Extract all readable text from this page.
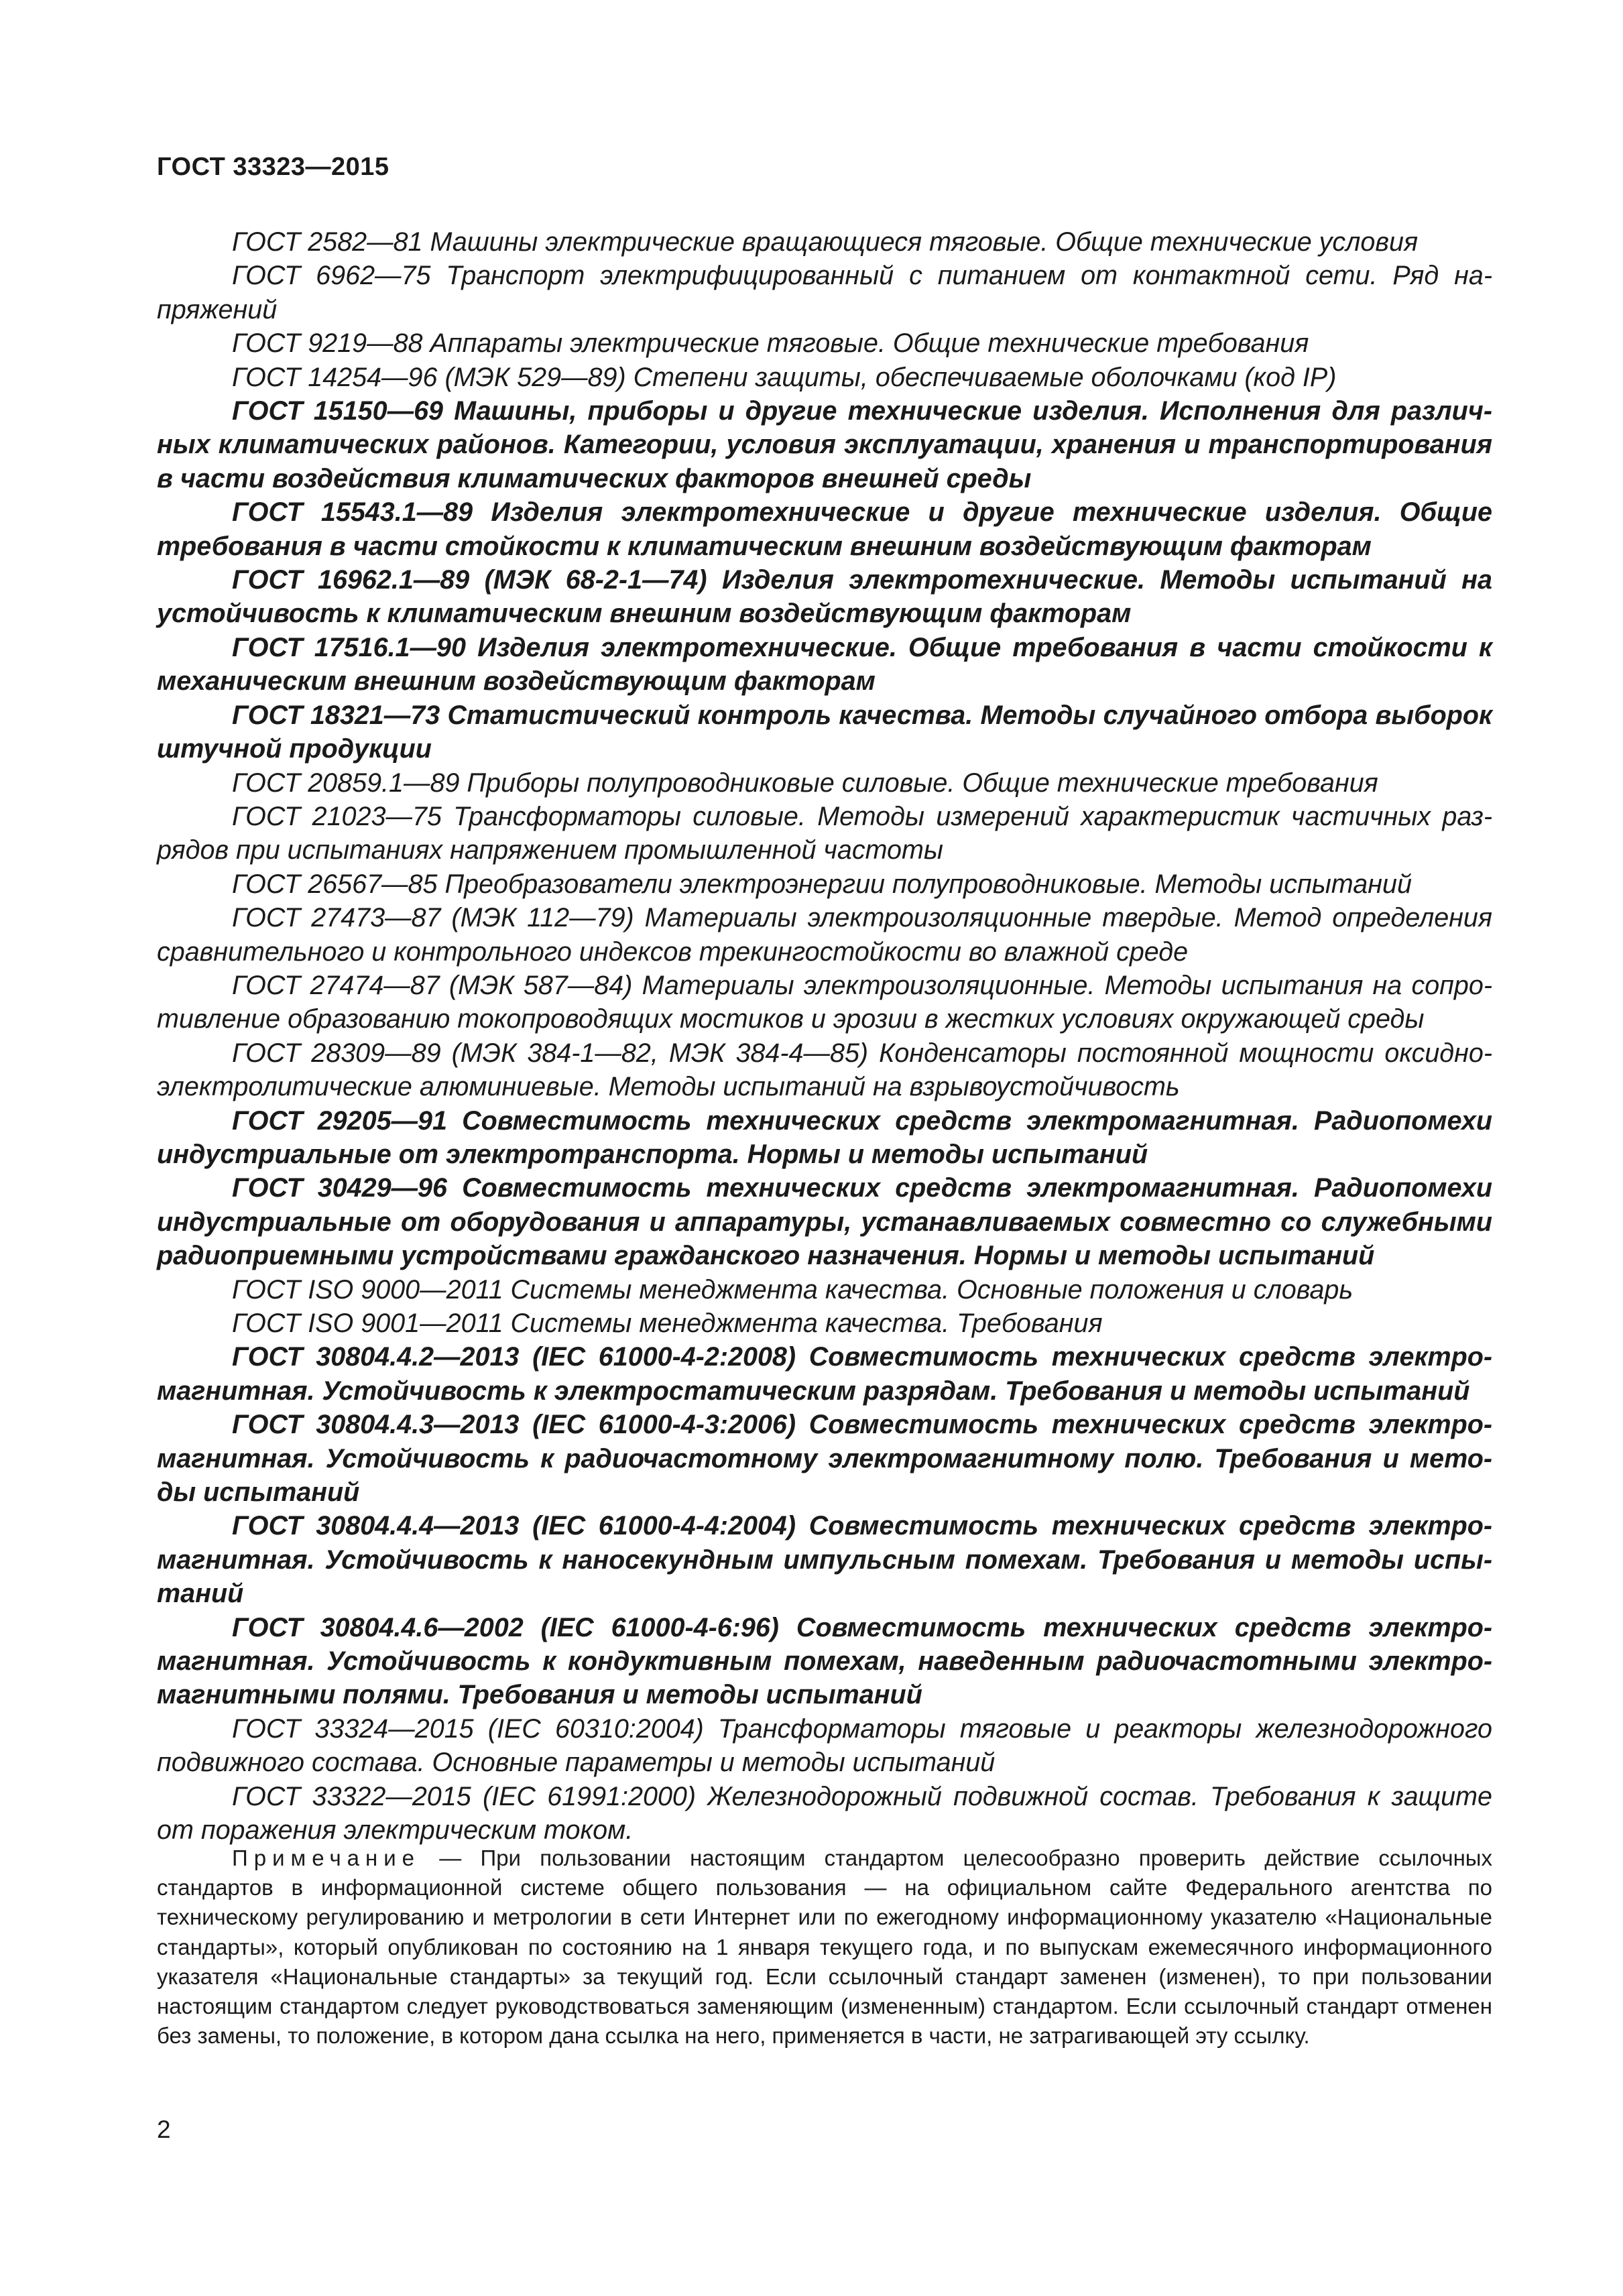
ГОСТ 33323—2015
ГОСТ 2582—81 Машины электрические вращающиеся тяговые. Общие технические условия
ГОСТ 6962—75 Транспорт электрифицированный с питанием от контактной сети. Ряд напряжений
ГОСТ 9219—88 Аппараты электрические тяговые. Общие технические требования
ГОСТ 14254—96 (МЭК 529—89) Степени защиты, обеспечиваемые оболочками (код IP)
ГОСТ 15150—69 Машины, приборы и другие технические изделия. Исполнения для различных климатических районов. Категории, условия эксплуатации, хранения и транспортирования в части воздействия климатических факторов внешней среды
ГОСТ 15543.1—89 Изделия электротехнические и другие технические изделия. Общие требования в части стойкости к климатическим внешним воздействующим факторам
ГОСТ 16962.1—89 (МЭК 68-2-1—74) Изделия электротехнические. Методы испытаний на устойчивость к климатическим внешним воздействующим факторам
ГОСТ 17516.1—90 Изделия электротехнические. Общие требования в части стойкости к механическим внешним воздействующим факторам
ГОСТ 18321—73 Статистический контроль качества. Методы случайного отбора выборок штучной продукции
ГОСТ 20859.1—89 Приборы полупроводниковые силовые. Общие технические требования
ГОСТ 21023—75 Трансформаторы силовые. Методы измерений характеристик частичных разрядов при испытаниях напряжением промышленной частоты
ГОСТ 26567—85 Преобразователи электроэнергии полупроводниковые. Методы испытаний
ГОСТ 27473—87 (МЭК 112—79) Материалы электроизоляционные твердые. Метод определения сравнительного и контрольного индексов трекингостойкости во влажной среде
ГОСТ 27474—87 (МЭК 587—84) Материалы электроизоляционные. Методы испытания на сопротивление образованию токопроводящих мостиков и эрозии в жестких условиях окружающей среды
ГОСТ 28309—89 (МЭК 384-1—82, МЭК 384-4—85) Конденсаторы постоянной мощности оксидно-электролитические алюминиевые. Методы испытаний на взрывоустойчивость
ГОСТ 29205—91 Совместимость технических средств электромагнитная. Радиопомехи индустриальные от электротранспорта. Нормы и методы испытаний
ГОСТ 30429—96 Совместимость технических средств электромагнитная. Радиопомехи индустриальные от оборудования и аппаратуры, устанавливаемых совместно со служебными радиоприемными устройствами гражданского назначения. Нормы и методы испытаний
ГОСТ ISO 9000—2011 Системы менеджмента качества. Основные положения и словарь
ГОСТ ISO 9001—2011 Системы менеджмента качества. Требования
ГОСТ 30804.4.2—2013 (IEC 61000-4-2:2008) Совместимость технических средств электромагнитная. Устойчивость к электростатическим разрядам. Требования и методы испытаний
ГОСТ 30804.4.3—2013 (IEC 61000-4-3:2006) Совместимость технических средств электромагнитная. Устойчивость к радиочастотному электромагнитному полю. Требования и методы испытаний
ГОСТ 30804.4.4—2013 (IEC 61000-4-4:2004) Совместимость технических средств электромагнитная. Устойчивость к наносекундным импульсным помехам. Требования и методы испытаний
ГОСТ 30804.4.6—2002 (IEC 61000-4-6:96) Совместимость технических средств электромагнитная. Устойчивость к кондуктивным помехам, наведенным радиочастотными электромагнитными полями. Требования и методы испытаний
ГОСТ 33324—2015 (IEC 60310:2004) Трансформаторы тяговые и реакторы железнодорожного подвижного состава. Основные параметры и методы испытаний
ГОСТ 33322—2015 (IEC 61991:2000) Железнодорожный подвижной состав. Требования к защите от поражения электрическим током.

Примечание — При пользовании настоящим стандартом целесообразно проверить действие ссылочных стандартов в информационной системе общего пользования — на официальном сайте Федерального агентства по техническому регулированию и метрологии в сети Интернет или по ежегодному информационному указателю «Национальные стандарты», который опубликован по состоянию на 1 января текущего года, и по выпускам ежемесячного информационного указателя «Национальные стандарты» за текущий год. Если ссылочный стандарт заменен (изменен), то при пользовании настоящим стандартом следует руководствоваться заменяющим (измененным) стандартом. Если ссылочный стандарт отменен без замены, то положение, в котором дана ссылка на него, применяется в части, не затрагивающей эту ссылку.

2
